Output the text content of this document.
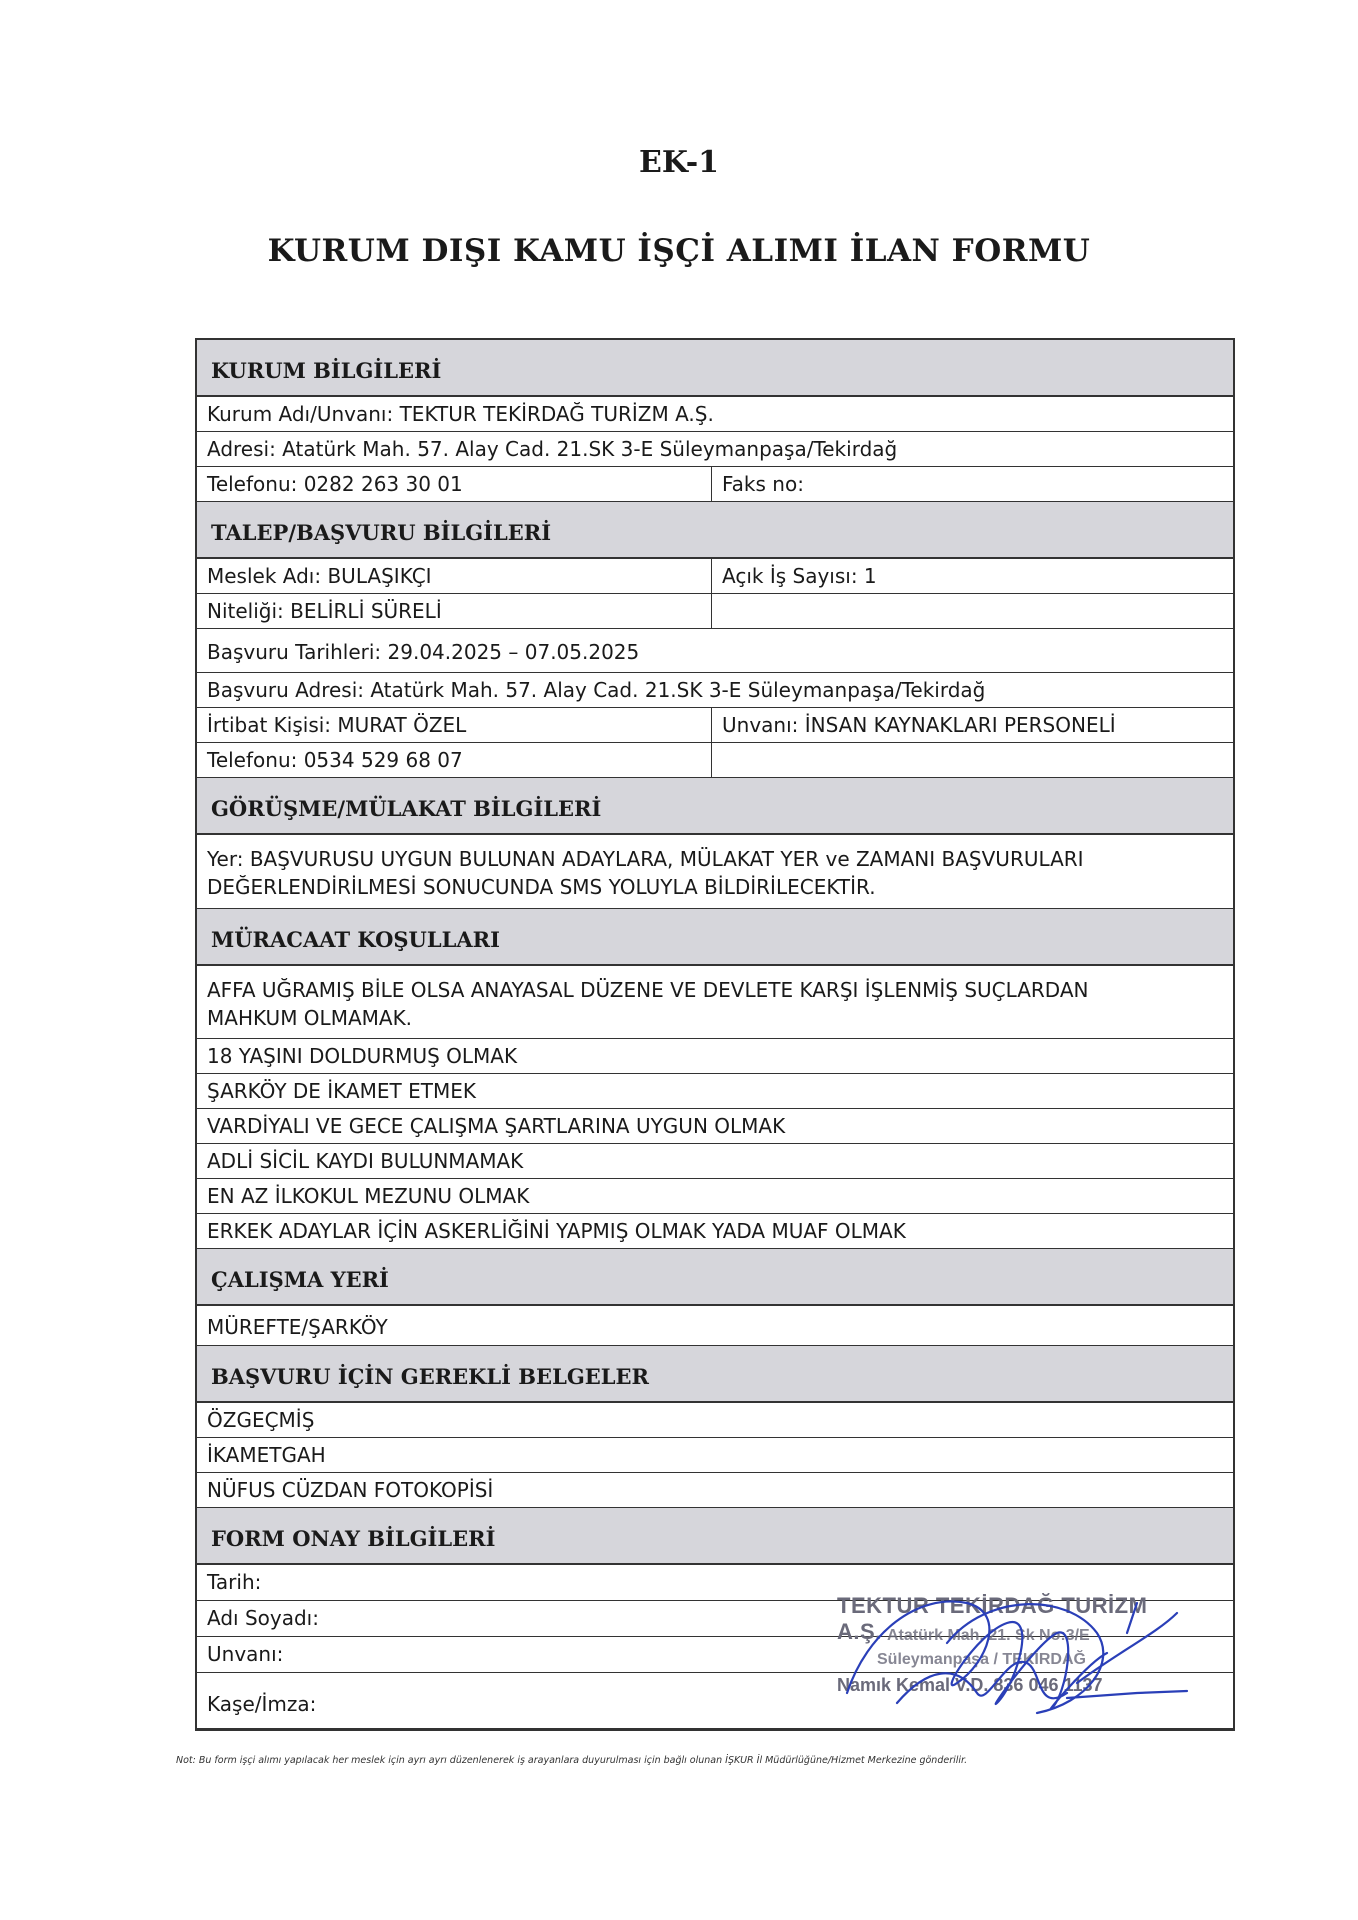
EK-1
KURUM DIŞI KAMU İŞÇİ ALIMI İLAN FORMU
KURUM BİLGİLERİ
Kurum Adı/Unvanı: TEKTUR TEKİRDAĞ TURİZM A.Ş.
Adresi: Atatürk Mah. 57. Alay Cad. 21.SK 3-E Süleymanpaşa/Tekirdağ
Telefonu: 0282 263 30 01	Faks no:
TALEP/BAŞVURU BİLGİLERİ
Meslek Adı: BULAŞIKÇI	Açık İş Sayısı: 1
Niteliği: BELİRLİ SÜRELİ
Başvuru Tarihleri: 29.04.2025 – 07.05.2025
Başvuru Adresi: Atatürk Mah. 57. Alay Cad. 21.SK 3-E Süleymanpaşa/Tekirdağ
İrtibat Kişisi: MURAT ÖZEL	Unvanı: İNSAN KAYNAKLARI PERSONELİ
Telefonu: 0534 529 68 07
GÖRÜŞME/MÜLAKAT BİLGİLERİ
Yer: BAŞVURUSU UYGUN BULUNAN ADAYLARA, MÜLAKAT YER ve ZAMANI BAŞVURULARI DEĞERLENDİRİLMESİ SONUCUNDA SMS YOLUYLA BİLDİRİLECEKTİR.
MÜRACAAT KOŞULLARI
AFFA UĞRAMIŞ BİLE OLSA ANAYASAL DÜZENE VE DEVLETE KARŞI İŞLENMİŞ SUÇLARDAN MAHKUM OLMAMAK.
18 YAŞINI DOLDURMUŞ OLMAK
ŞARKÖY DE İKAMET ETMEK
VARDİYALI VE GECE ÇALIŞMA ŞARTLARINA UYGUN OLMAK
ADLİ SİCİL KAYDI BULUNMAMAK
EN AZ İLKOKUL MEZUNU OLMAK
ERKEK ADAYLAR İÇİN ASKERLİĞİNİ YAPMIŞ OLMAK YADA MUAF OLMAK
ÇALIŞMA YERİ
MÜREFTE/ŞARKÖY
BAŞVURU İÇİN GEREKLİ BELGELER
ÖZGEÇMİŞ
İKAMETGAH
NÜFUS CÜZDAN FOTOKOPİSİ
FORM ONAY BİLGİLERİ
Tarih:
Adı Soyadı:
Unvanı:
Kaşe/İmza:
TEKTUR TEKİRDAĞ TURİZM A.Ş. Atatürk Mah. 21. Sk No:3/E
Süleymanpaşa / TEKİRDAĞ
Namık Kemal V.D. 836 046 1137
Not: Bu form işçi alımı yapılacak her meslek için ayrı ayrı düzenlenerek iş arayanlara duyurulması için bağlı olunan İŞKUR İl Müdürlüğüne/Hizmet Merkezine gönderilir.
